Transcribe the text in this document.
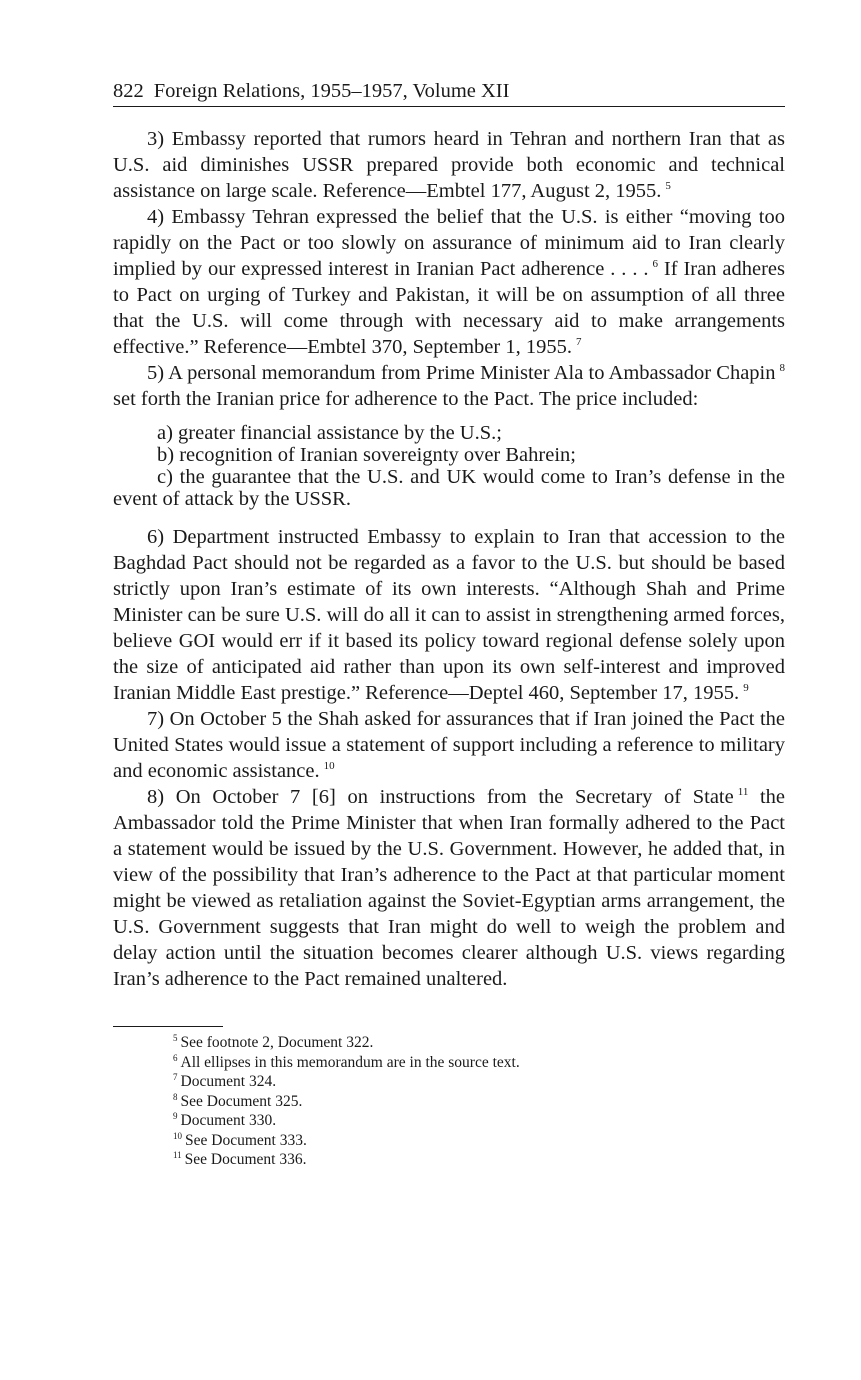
822 Foreign Relations, 1955–1957, Volume XII

3) Embassy reported that rumors heard in Tehran and northern Iran that as U.S. aid diminishes USSR prepared provide both economic and technical assistance on large scale. Reference—Embtel 177, August 2, 1955. $^5$

4) Embassy Tehran expressed the belief that the U.S. is either “moving too rapidly on the Pact or too slowly on assurance of minimum aid to Iran clearly implied by our expressed interest in Iranian Pact adherence . . . . $^6$ If Iran adheres to Pact on urging of Turkey and Pakistan, it will be on assumption of all three that the U.S. will come through with necessary aid to make arrangements effective.” Reference—Embtel 370, September 1, 1955. $^7$

5) A personal memorandum from Prime Minister Ala to Ambassador Chapin $^8$ set forth the Iranian price for adherence to the Pact. The price included:

a) greater financial assistance by the U.S.;
b) recognition of Iranian sovereignty over Bahrein;
c) the guarantee that the U.S. and UK would come to Iran’s defense in the event of attack by the USSR.

6) Department instructed Embassy to explain to Iran that accession to the Baghdad Pact should not be regarded as a favor to the U.S. but should be based strictly upon Iran’s estimate of its own interests. “Although Shah and Prime Minister can be sure U.S. will do all it can to assist in strengthening armed forces, believe GOI would err if it based its policy toward regional defense solely upon the size of anticipated aid rather than upon its own self-interest and improved Iranian Middle East prestige.” Reference—Deptel 460, September 17, 1955. $^9$

7) On October 5 the Shah asked for assurances that if Iran joined the Pact the United States would issue a statement of support including a reference to military and economic assistance. $^{10}$

8) On October 7 [6] on instructions from the Secretary of State $^{11}$ the Ambassador told the Prime Minister that when Iran formally adhered to the Pact a statement would be issued by the U.S. Government. However, he added that, in view of the possibility that Iran’s adherence to the Pact at that particular moment might be viewed as retaliation against the Soviet-Egyptian arms arrangement, the U.S. Government suggests that Iran might do well to weigh the problem and delay action until the situation becomes clearer although U.S. views regarding Iran’s adherence to the Pact remained unaltered.

$^5$ See footnote 2, Document 322.
$^6$ All ellipses in this memorandum are in the source text.
$^7$ Document 324.
$^8$ See Document 325.
$^9$ Document 330.
$^{10}$ See Document 333.
$^{11}$ See Document 336.
